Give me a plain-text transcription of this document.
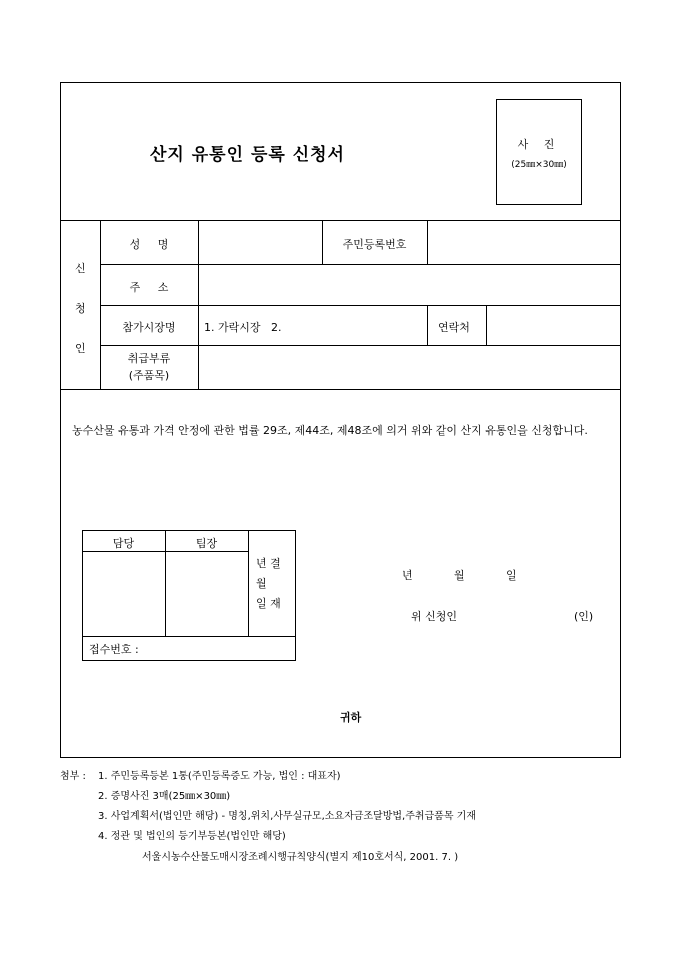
산지 유통인 등록 신청서
사 진
(25㎜×30㎜)
신
청
인
성     명	주민등록번호
주     소
참가시장명	1. 가락시장   2.	연락처
취급부류
(주품목)
농수산물 유통과 가격 안정에 관한 법률 29조, 제44조, 제48조에 의거 위와 같이 산지 유통인을 신청합니다.
담당	팀장
년 결
월
일 재
접수번호 :
년	월	일
위 신청인	(인)
귀하
첨부 : 1. 주민등록등본 1통(주민등록증도 가능, 법인 : 대표자)
2. 증명사진 3매(25㎜×30㎜)
3. 사업계획서(법인만 해당) - 명칭,위치,사무실규모,소요자금조달방법,주취급품목 기재
4. 정관 및 법인의 등기부등본(법인만 해당)
서울시농수산물도매시장조례시행규칙양식(별지 제10호서식, 2001. 7. )
